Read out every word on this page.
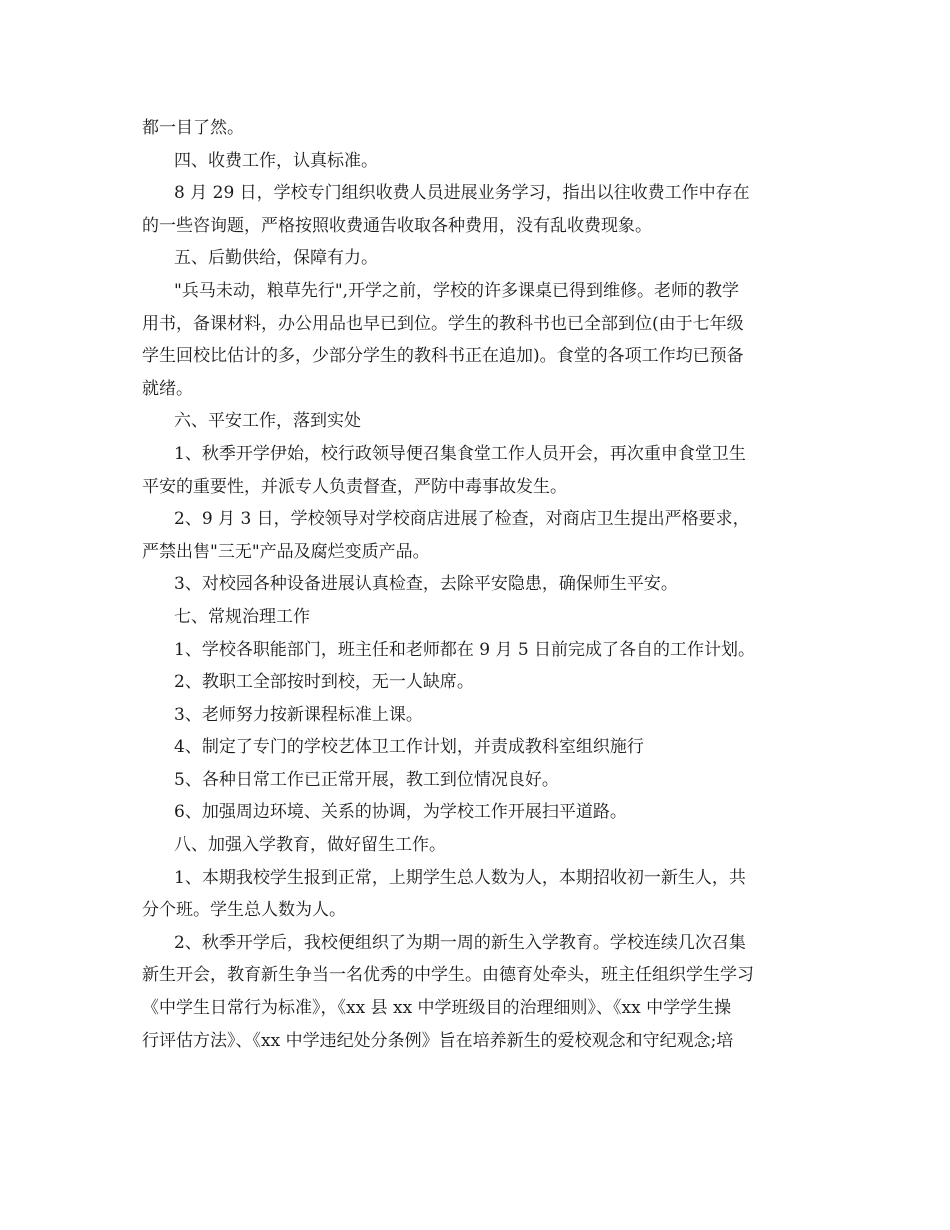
都一目了然。
四、收费工作，认真标准。
8 月 29 日，学校专门组织收费人员进展业务学习，指出以往收费工作中存在
的一些咨询题，严格按照收费通告收取各种费用，没有乱收费现象。
五、后勤供给，保障有力。
"兵马未动，粮草先行",开学之前，学校的许多课桌已得到维修。老师的教学
用书，备课材料，办公用品也早已到位。学生的教科书也已全部到位(由于七年级
学生回校比估计的多，少部分学生的教科书正在追加)。食堂的各项工作均已预备
就绪。
六、平安工作，落到实处
1、秋季开学伊始，校行政领导便召集食堂工作人员开会，再次重申食堂卫生
平安的重要性，并派专人负责督查，严防中毒事故发生。
2、9 月 3 日，学校领导对学校商店进展了检查，对商店卫生提出严格要求，
严禁出售"三无"产品及腐烂变质产品。
3、对校园各种设备进展认真检查，去除平安隐患，确保师生平安。
七、常规治理工作
1、学校各职能部门，班主任和老师都在 9 月 5 日前完成了各自的工作计划。
2、教职工全部按时到校，无一人缺席。
3、老师努力按新课程标准上课。
4、制定了专门的学校艺体卫工作计划，并责成教科室组织施行
5、各种日常工作已正常开展，教工到位情况良好。
6、加强周边环境、关系的协调，为学校工作开展扫平道路。
八、加强入学教育，做好留生工作。
1、本期我校学生报到正常，上期学生总人数为人，本期招收初一新生人，共
分个班。学生总人数为人。
2、秋季开学后，我校便组织了为期一周的新生入学教育。学校连续几次召集
新生开会，教育新生争当一名优秀的中学生。由德育处牵头，班主任组织学生学习
《中学生日常行为标准》，《xx 县 xx 中学班级目的治理细则》、《xx 中学学生操
行评估方法》、《xx 中学违纪处分条例》旨在培养新生的爱校观念和守纪观念;培
